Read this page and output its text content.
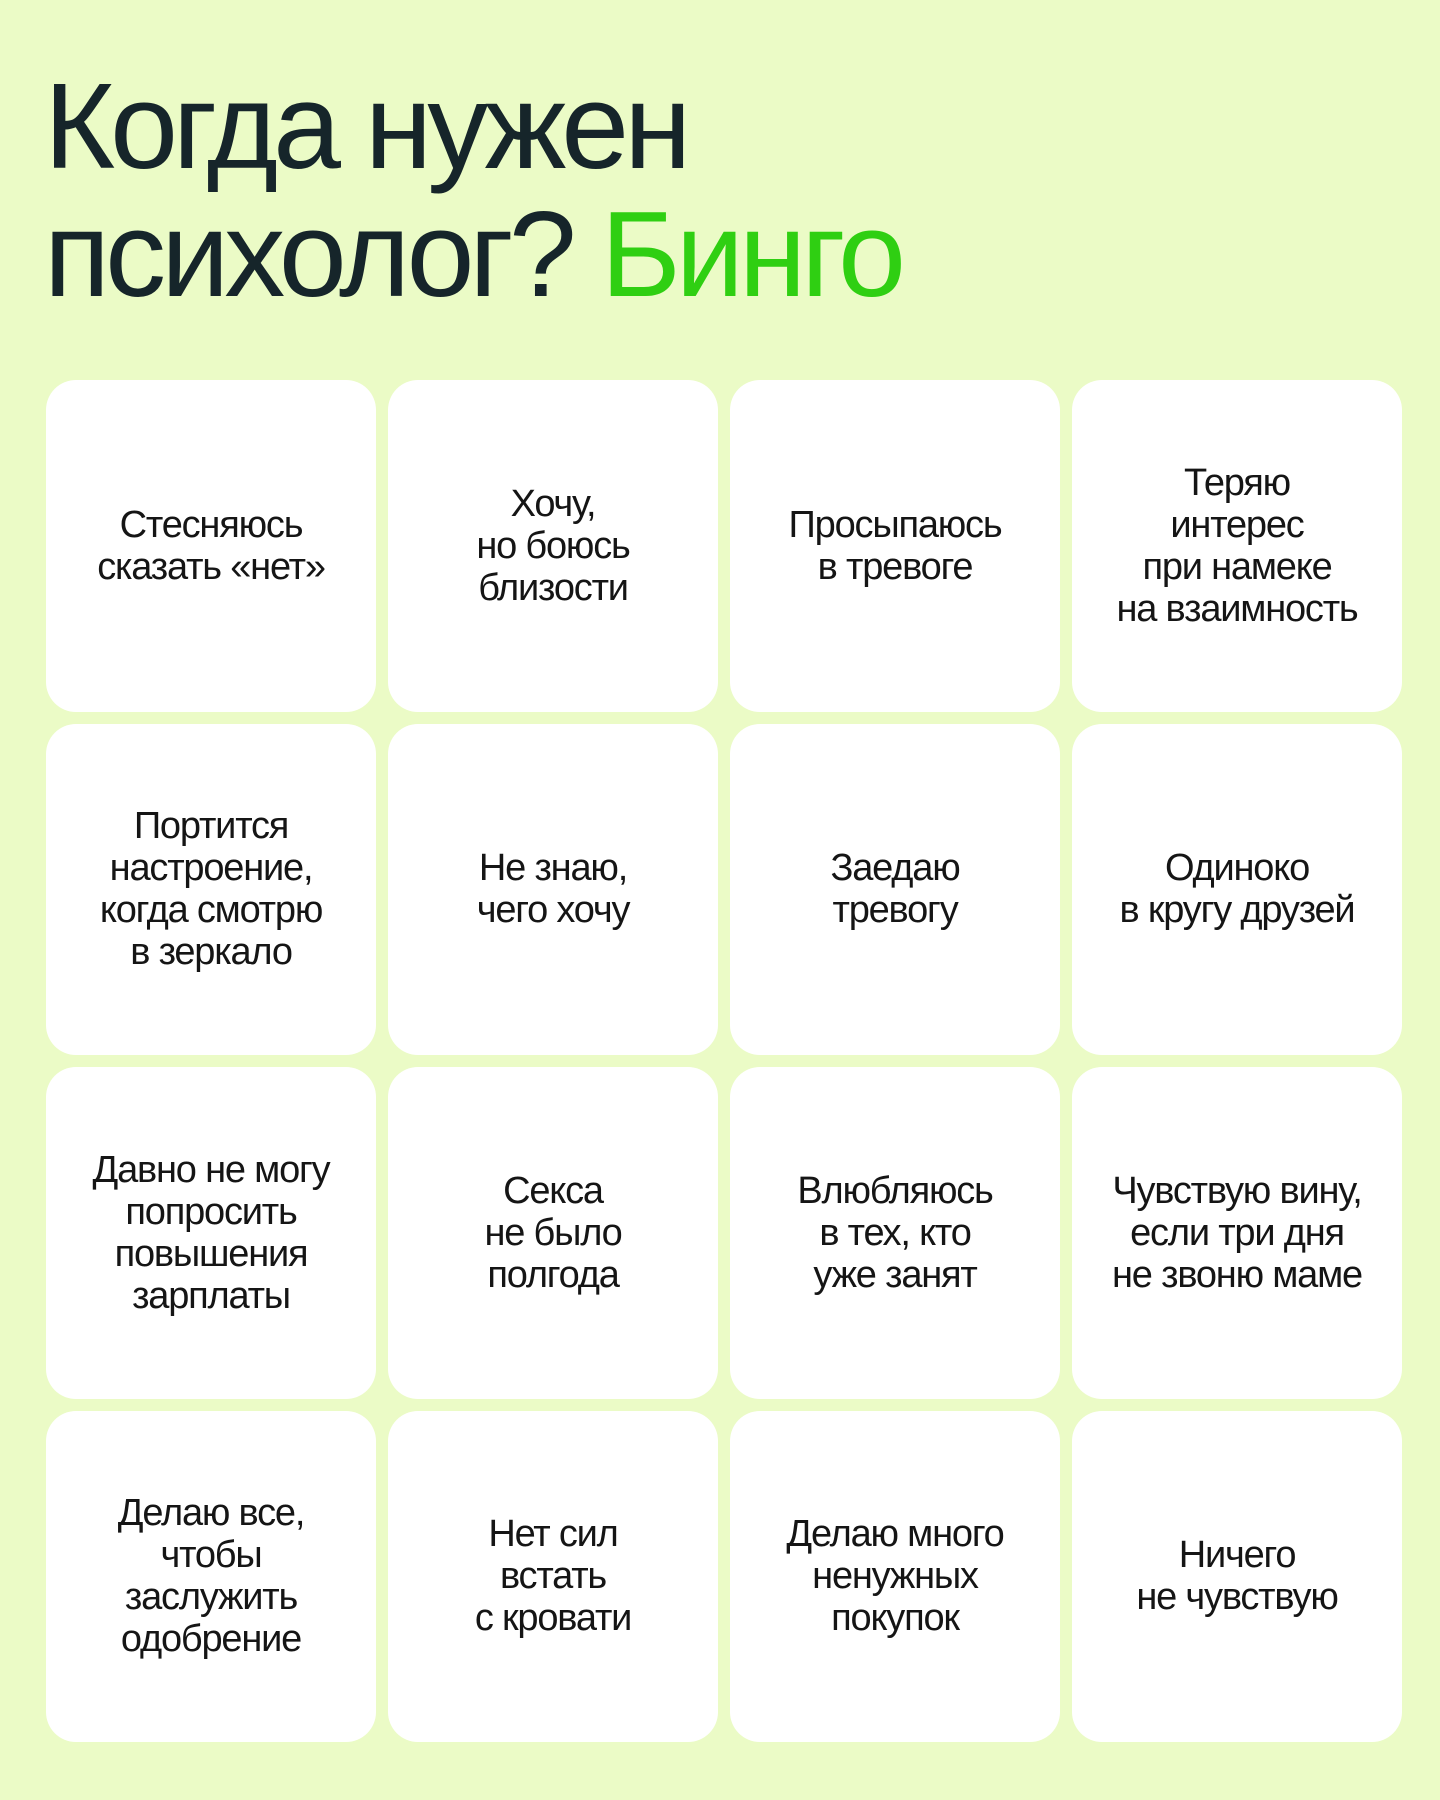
Когда нужен
психолог? Бинго
Стесняюсь
сказать «нет»
Хочу,
но боюсь
близости
Просыпаюсь
в тревоге
Теряю
интерес
при намеке
на взаимность
Портится
настроение,
когда смотрю
в зеркало
Не знаю,
чего хочу
Заедаю
тревогу
Одиноко
в кругу друзей
Давно не могу
попросить
повышения
зарплаты
Секса
не было
полгода
Влюбляюсь
в тех, кто
уже занят
Чувствую вину,
если три дня
не звоню маме
Делаю все,
чтобы
заслужить
одобрение
Нет сил
встать
с кровати
Делаю много
ненужных
покупок
Ничего
не чувствую
